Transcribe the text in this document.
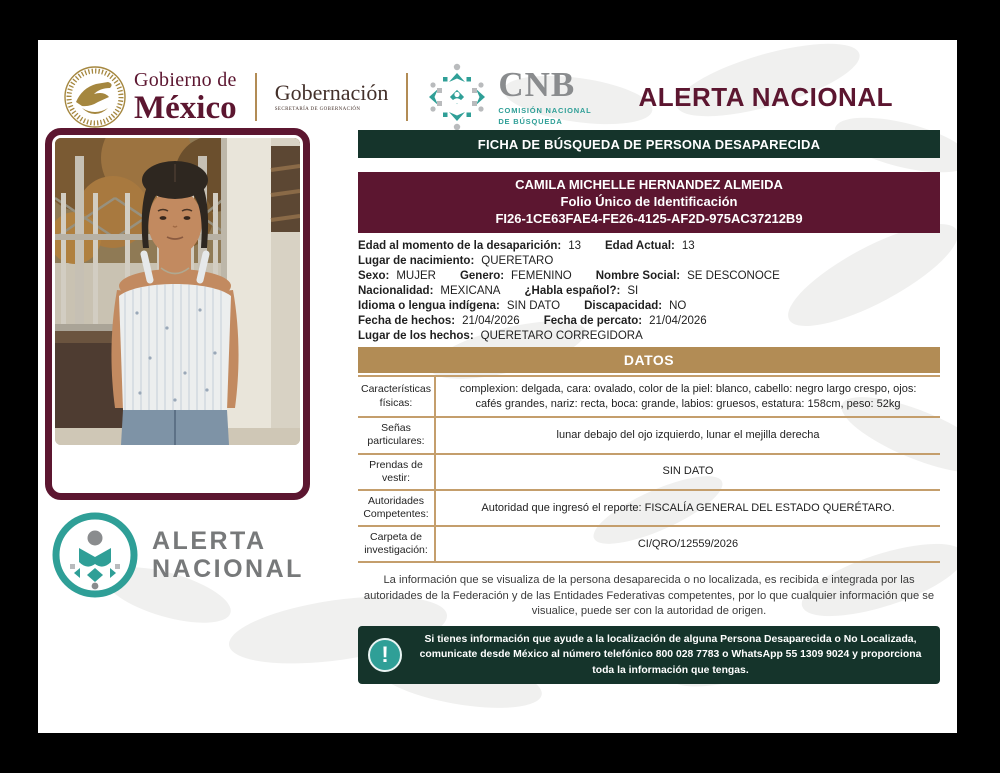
Gobierno de
México Gobernación
SECRETARÍA DE GOBERNACIÓN
CNB
COMISIÓN NACIONAL
DE BÚSQUEDA
ALERTA NACIONAL
ALERTA
NACIONAL
FICHA DE BÚSQUEDA DE PERSONA DESAPARECIDA
CAMILA MICHELLE HERNANDEZ ALMEIDA
Folio Único de Identificación
FI26-1CE63FAE4-FE26-4125-AF2D-975AC37212B9
Edad al momento de la desaparición: 13 Edad Actual: 13
Lugar de nacimiento: QUERETARO
Sexo: MUJER Genero: FEMENINO Nombre Social: SE DESCONOCE
Nacionalidad: MEXICANA ¿Habla español?: SI
Idioma o lengua indígena: SIN DATO Discapacidad: NO
Fecha de hechos: 21/04/2026 Fecha de percato: 21/04/2026
Lugar de los hechos: QUERETARO CORREGIDORA
DATOS
Características físicas:
complexion: delgada, cara: ovalado, color de la piel: blanco, cabello: negro largo crespo, ojos: cafés grandes, nariz: recta, boca: grande, labios: gruesos, estatura: 158cm, peso: 52kg
Señas particulares:
lunar debajo del ojo izquierdo, lunar el mejilla derecha
Prendas de vestir:
SIN DATO
Autoridades Competentes:
Autoridad que ingresó el reporte: FISCALÍA GENERAL DEL ESTADO QUERÉTARO.
Carpeta de investigación:
CI/QRO/12559/2026
La información que se visualiza de la persona desaparecida o no localizada, es recibida e integrada por las autoridades de la Federación y de las Entidades Federativas competentes, por lo que cualquier información que se visualice, puede ser con la autoridad de origen.
!
Si tienes información que ayude a la localización de alguna Persona Desaparecida o No Localizada, comunicate desde México al número telefónico 800 028 7783 o WhatsApp 55 1309 9024 y proporciona toda la información que tengas.
